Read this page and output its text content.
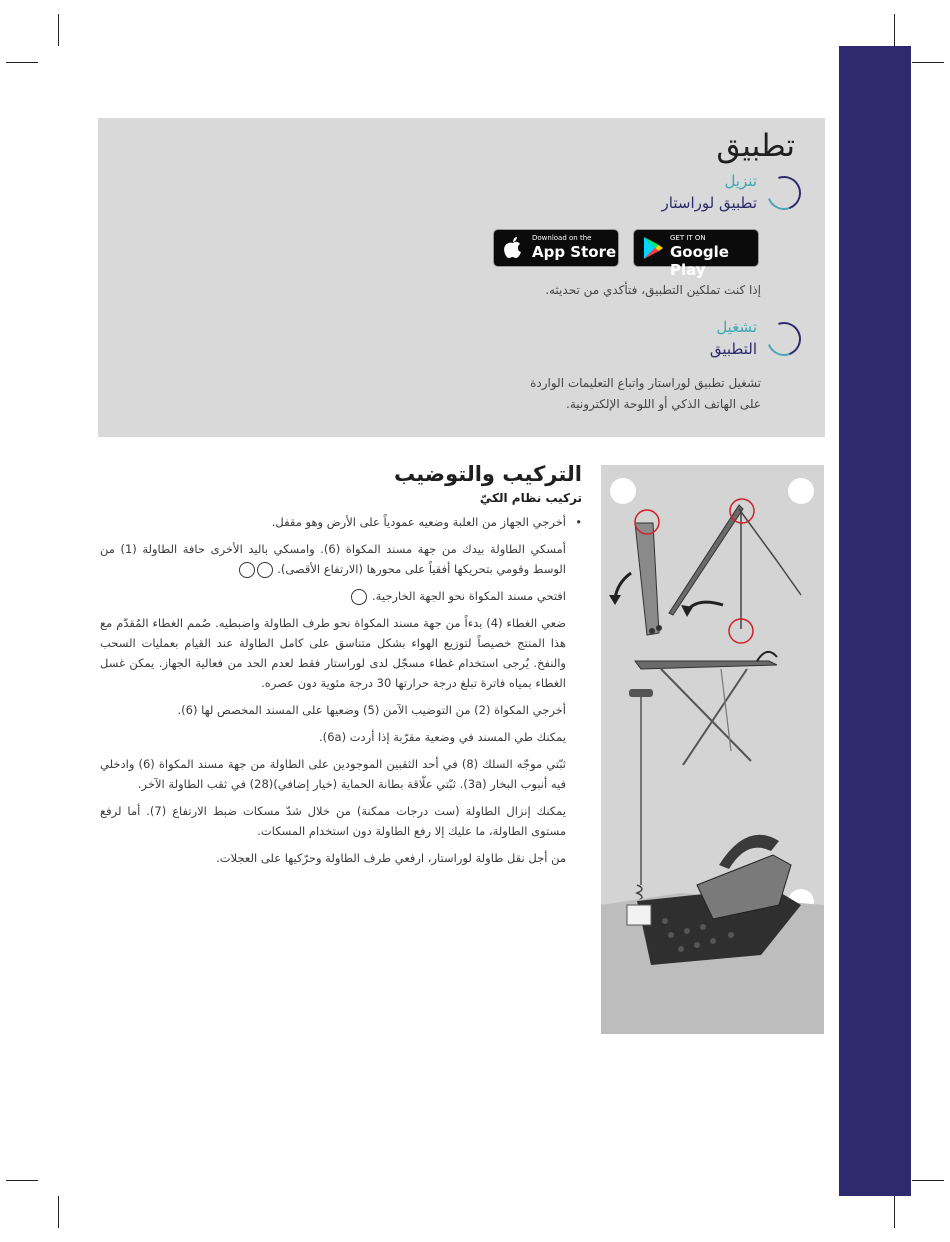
تطبيق
تنزيل
تطبيق لوراستار
GET IT ON
Google Play
Download on the
App Store
إذا كنت تملكين التطبيق، فتأكدي من تحديثه.
تشغيل
التطبيق
تشغيل تطبيق لوراستار واتباع التعليمات الواردة
على الهاتف الذكي أو اللوحة الإلكترونية.
التركيب والتوضيب
تركيب نظام الكيّ

• أخرجي الجهاز من العلبة وضعيه عمودياً على الأرض وهو مقفل.

أمسكي الطاولة بيدك من جهة مسند المكواة (6). وامسكي باليد الأخرى حافة الطاولة (1) من الوسط وقومي بتحريكها أفقياً على محورها (الارتفاع الأقصى).

افتحي مسند المكواة نحو الجهة الخارجية.

ضعي الغطاء (4) بدءاً من جهة مسند المكواة نحو طرف الطاولة واضبطيه. صُمم الغطاء المُقدّم مع هذا المنتج خصيصاً لتوزيع الهواء بشكل متناسق على كامل الطاولة عند القيام بعمليات السحب والنفخ. يُرجى استخدام غطاء مسجّل لدى لوراستار فقط لعدم الحد من فعالية الجهاز. يمكن غسل الغطاء بمياه فاترة تبلغ درجة حرارتها 30 درجة مئوية دون عصره.

أخرجي المكواة (2) من التوضيب الآمن (5) وضعيها على المسند المخصص لها (6).

يمكنك طي المسند في وضعية مقرّبة إذا أردت (6a).

ثبّتي موجّه السلك (8) في أحد الثقبين الموجودين على الطاولة من جهة مسند المكواة (6) وادخلي فيه أنبوب البخار (3a). ثبّتي علّاقة بطانة الحماية (خيار إضافي)(28) في ثقب الطاولة الآخر.

يمكنك إنزال الطاولة (ست درجات ممكنة) من خلال شدّ مسكات ضبط الارتفاع (7). أما لرفع مستوى الطاولة، ما عليك إلا رفع الطاولة دون استخدام المسكات.

من أجل نقل طاولة لوراستار، ارفعي طرف الطاولة وحرّكيها على العجلات.
